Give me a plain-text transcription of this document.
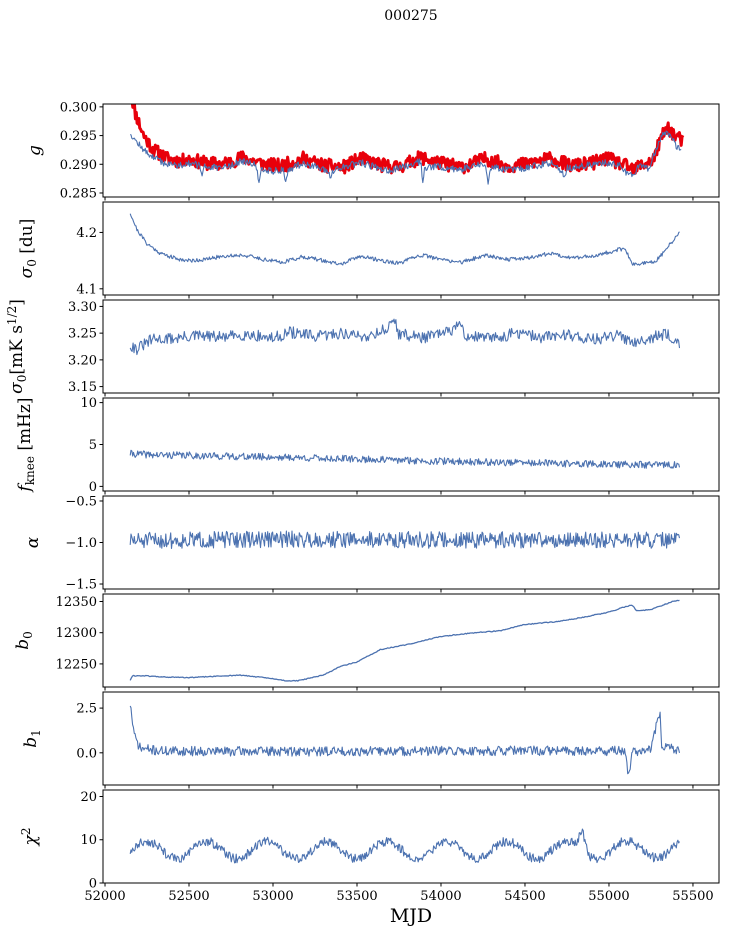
000275
0.285
0.290
0.295
0.300
g
4.1
4.2
$\sigma_0$ [du]
3.15
3.20
3.25
3.30
$\sigma_0[mK$ $s^{1/2}$]
0
5
10
$f_{knee}$ [mHz]
−1.5
−1.0
−0.5
α
12250
12300
12350
$b_0$
0.0
2.5
$b_1$
0
10
20
52000	52500	53000	53500	54000	54500	55000	55500
$\chi^2$
MJD
